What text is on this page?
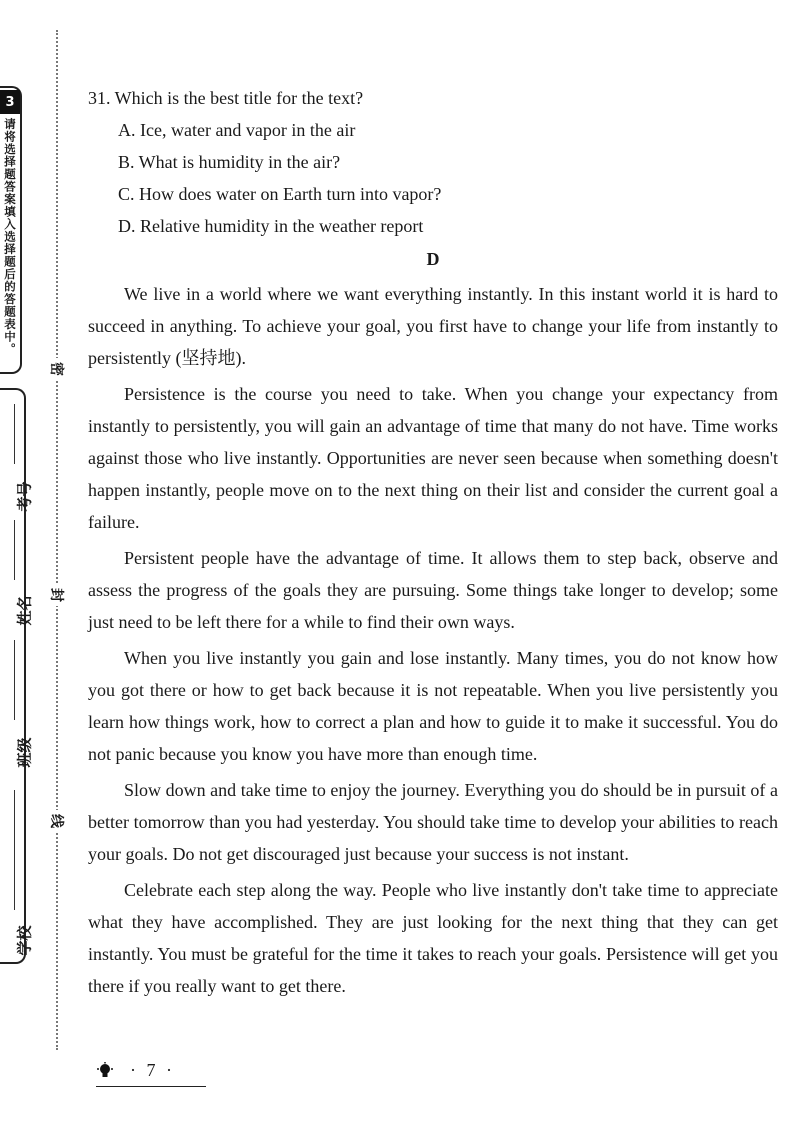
3
请将选择题答案填入选择题后的答题表中。
考号
姓名
班级
学校
密
封
线

31. Which is the best title for the text?

A. Ice, water and vapor in the air

B. What is humidity in the air?

C. How does water on Earth turn into vapor?

D. Relative humidity in the weather report

D

We live in a world where we want everything instantly. In this instant world it is hard to succeed in anything. To achieve your goal, you first have to change your life from instantly to persistently (坚持地).

Persistence is the course you need to take. When you change your expectancy from instantly to persistently, you will gain an advantage of time that many do not have. Time works against those who live instantly. Opportunities are never seen because when something doesn't happen instantly, people move on to the next thing on their list and consider the current goal a failure.

Persistent people have the advantage of time. It allows them to step back, observe and assess the progress of the goals they are pursuing. Some things take longer to develop; some just need to be left there for a while to find their own ways.

When you live instantly you gain and lose instantly. Many times, you do not know how you got there or how to get back because it is not repeatable. When you live persistently you learn how things work, how to correct a plan and how to guide it to make it successful. You do not panic because you know you have more than enough time.

Slow down and take time to enjoy the journey. Everything you do should be in pursuit of a better tomorrow than you had yesterday. You should take time to develop your abilities to reach your goals. Do not get discouraged just because your success is not instant.

Celebrate each step along the way. People who live instantly don't take time to appreciate what they have accomplished. They are just looking for the next thing that they can get instantly. You must be grateful for the time it takes to reach your goals. Persistence will get you there if you really want to get there.

· 7 ·
